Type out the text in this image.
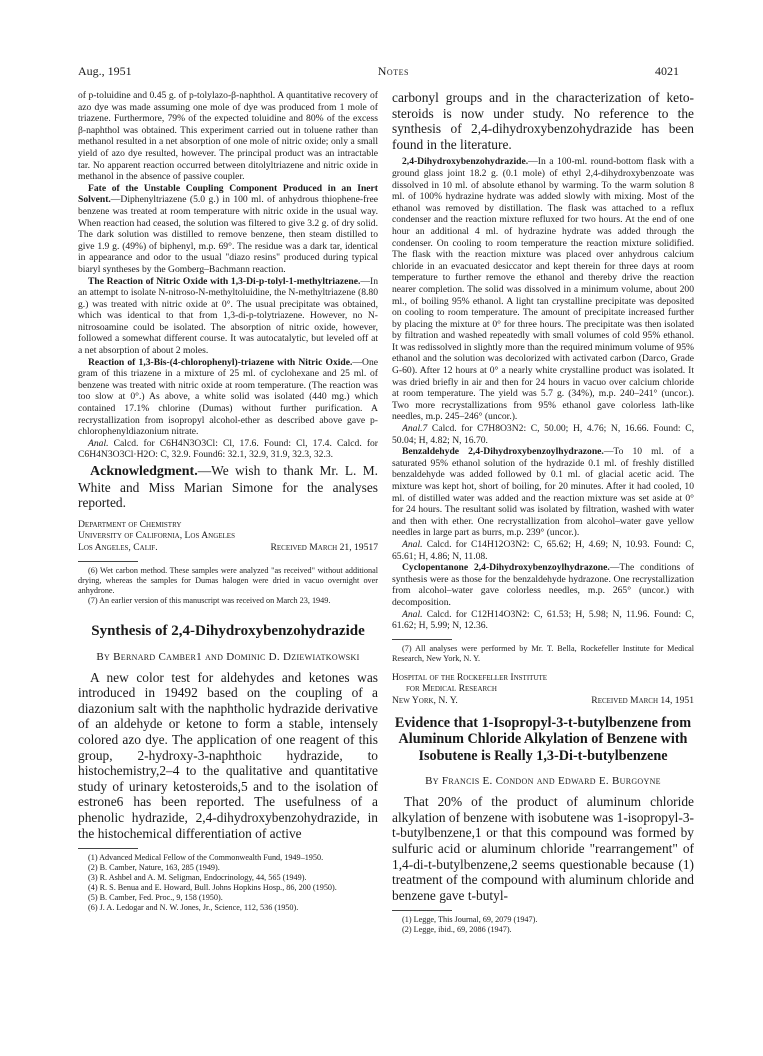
Aug., 1951	Notes	4021

of p-toluidine and 0.45 g. of p-tolylazo-β-naphthol. A quantitative recovery of azo dye was made assuming one mole of dye was produced from 1 mole of triazene. Furthermore, 79% of the expected toluidine and 80% of the excess β-naphthol was obtained. This experiment carried out in toluene rather than methanol resulted in a net absorption of one mole of nitric oxide; only a small yield of azo dye resulted, however. The principal product was an intractable tar. No apparent reaction occurred between ditolyltriazene and nitric oxide in methanol in the absence of passive coupler.

Fate of the Unstable Coupling Component Produced in an Inert Solvent.—Diphenyltriazene (5.0 g.) in 100 ml. of anhydrous thiophene-free benzene was treated at room temperature with nitric oxide in the usual way. When reaction had ceased, the solution was filtered to give 3.2 g. of dry solid. The dark solution was distilled to remove benzene, then steam distilled to give 1.9 g. (49%) of biphenyl, m.p. 69°. The residue was a dark tar, identical in appearance and odor to the usual "diazo resins" produced during typical biaryl syntheses by the Gomberg–Bachmann reaction.

The Reaction of Nitric Oxide with 1,3-Di-p-tolyl-1-methyltriazene.—In an attempt to isolate N-nitroso-N-methyltoluidine, the N-methyltriazene (8.80 g.) was treated with nitric oxide at 0°. The usual precipitate was obtained, which was identical to that from 1,3-di-p-tolytriazene. However, no N-nitrosoamine could be isolated. The absorption of nitric oxide, however, followed a somewhat different course. It was autocatalytic, but leveled off at a net absorption of about 2 moles.

Reaction of 1,3-Bis-(4-chlorophenyl)-triazene with Nitric Oxide.—One gram of this triazene in a mixture of 25 ml. of cyclohexane and 25 ml. of benzene was treated with nitric oxide at room temperature. (The reaction was too slow at 0°.) As above, a white solid was isolated (440 mg.) which contained 17.1% chlorine (Dumas) without further purification. A recrystallization from isopropyl alcohol-ether as described above gave p-chlorophenyldiazonium nitrate.

Anal. Calcd. for C6H4N3O3Cl: Cl, 17.6. Found: Cl, 17.4. Calcd. for C6H4N3O3Cl·H2O: C, 32.9. Found6: 32.1, 32.9, 31.9, 32.3, 32.3.

Acknowledgment.—We wish to thank Mr. L. M. White and Miss Marian Simone for the analyses reported.

Department of Chemistry
University of California, Los Angeles
Los Angeles, Calif.	Received March 21, 19517

(6) Wet carbon method. These samples were analyzed "as received" without additional drying, whereas the samples for Dumas halogen were dried in vacuo overnight over anhydrone.

(7) An earlier version of this manuscript was received on March 23, 1949.

Synthesis of 2,4-Dihydroxybenzohydrazide
By Bernard Camber1 and Dominic D. Dziewiatkowski

A new color test for aldehydes and ketones was introduced in 19492 based on the coupling of a diazonium salt with the naphtholic hydrazide derivative of an aldehyde or ketone to form a stable, intensely colored azo dye. The application of one reagent of this group, 2-hydroxy-3-naphthoic hydrazide, to histochemistry,2–4 to the qualitative and quantitative study of urinary ketosteroids,5 and to the isolation of estrone6 has been reported. The usefulness of a phenolic hydrazide, 2,4-dihydroxybenzohydrazide, in the histochemical differentiation of active

(1) Advanced Medical Fellow of the Commonwealth Fund, 1949–1950.

(2) B. Camber, Nature, 163, 285 (1949).

(3) R. Ashbel and A. M. Seligman, Endocrinology, 44, 565 (1949).

(4) R. S. Benua and E. Howard, Bull. Johns Hopkins Hosp., 86, 200 (1950).

(5) B. Camber, Fed. Proc., 9, 158 (1950).

(6) J. A. Ledogar and N. W. Jones, Jr., Science, 112, 536 (1950).

carbonyl groups and in the characterization of keto-steroids is now under study. No reference to the synthesis of 2,4-dihydroxybenzohydrazide has been found in the literature.

2,4-Dihydroxybenzohydrazide.—In a 100-ml. round-bottom flask with a ground glass joint 18.2 g. (0.1 mole) of ethyl 2,4-dihydroxybenzoate was dissolved in 10 ml. of absolute ethanol by warming. To the warm solution 8 ml. of 100% hydrazine hydrate was added slowly with mixing. Most of the ethanol was removed by distillation. The flask was attached to a reflux condenser and the reaction mixture refluxed for two hours. At the end of one hour an additional 4 ml. of hydrazine hydrate was added through the condenser. On cooling to room temperature the reaction mixture solidified. The flask with the reaction mixture was placed over anhydrous calcium chloride in an evacuated desiccator and kept therein for three days at room temperature to further remove the ethanol and thereby drive the reaction nearer completion. The solid was dissolved in a minimum volume, about 200 ml., of boiling 95% ethanol. A light tan crystalline precipitate was deposited on cooling to room temperature. The amount of precipitate increased further by placing the mixture at 0° for three hours. The precipitate was then isolated by filtration and washed repeatedly with small volumes of cold 95% ethanol. It was redissolved in slightly more than the required minimum volume of 95% ethanol and the solution was decolorized with activated carbon (Darco, Grade G-60). After 12 hours at 0° a nearly white crystalline product was isolated. It was dried briefly in air and then for 24 hours in vacuo over calcium chloride at room temperature. The yield was 5.7 g. (34%), m.p. 240–241° (uncor.). Two more recrystallizations from 95% ethanol gave colorless lath-like needles, m.p. 245–246° (uncor.).

Anal.7 Calcd. for C7H8O3N2: C, 50.00; H, 4.76; N, 16.66. Found: C, 50.04; H, 4.82; N, 16.70.

Benzaldehyde 2,4-Dihydroxybenzoylhydrazone.—To 10 ml. of a saturated 95% ethanol solution of the hydrazide 0.1 ml. of freshly distilled benzaldehyde was added followed by 0.1 ml. of glacial acetic acid. The mixture was kept hot, short of boiling, for 20 minutes. After it had cooled, 10 ml. of distilled water was added and the reaction mixture was set aside at 0° for 24 hours. The resultant solid was isolated by filtration, washed with water and then with ether. One recrystallization from alcohol–water gave yellow needles in large part as burrs, m.p. 239° (uncor.).

Anal. Calcd. for C14H12O3N2: C, 65.62; H, 4.69; N, 10.93. Found: C, 65.61; H, 4.86; N, 11.08.

Cyclopentanone 2,4-Dihydroxybenzoylhydrazone.—The conditions of synthesis were as those for the benzaldehyde hydrazone. One recrystallization from alcohol–water gave colorless needles, m.p. 265° (uncor.) with decomposition.

Anal. Calcd. for C12H14O3N2: C, 61.53; H, 5.98; N, 11.96. Found: C, 61.62; H, 5.99; N, 12.36.

(7) All analyses were performed by Mr. T. Bella, Rockefeller Institute for Medical Research, New York, N. Y.

Hospital of the Rockefeller Institute
for Medical Research
New York, N. Y.	Received March 14, 1951
Evidence that 1-Isopropyl-3-t-butylbenzene from Aluminum Chloride Alkylation of Benzene with Isobutene is Really 1,3-Di-t-butylbenzene
By Francis E. Condon and Edward E. Burgoyne

That 20% of the product of aluminum chloride alkylation of benzene with isobutene was 1-isopropyl-3-t-butylbenzene,1 or that this compound was formed by sulfuric acid or aluminum chloride "rearrangement" of 1,4-di-t-butylbenzene,2 seems questionable because (1) treatment of the compound with aluminum chloride and benzene gave t-butyl-

(1) Legge, This Journal, 69, 2079 (1947).

(2) Legge, ibid., 69, 2086 (1947).
